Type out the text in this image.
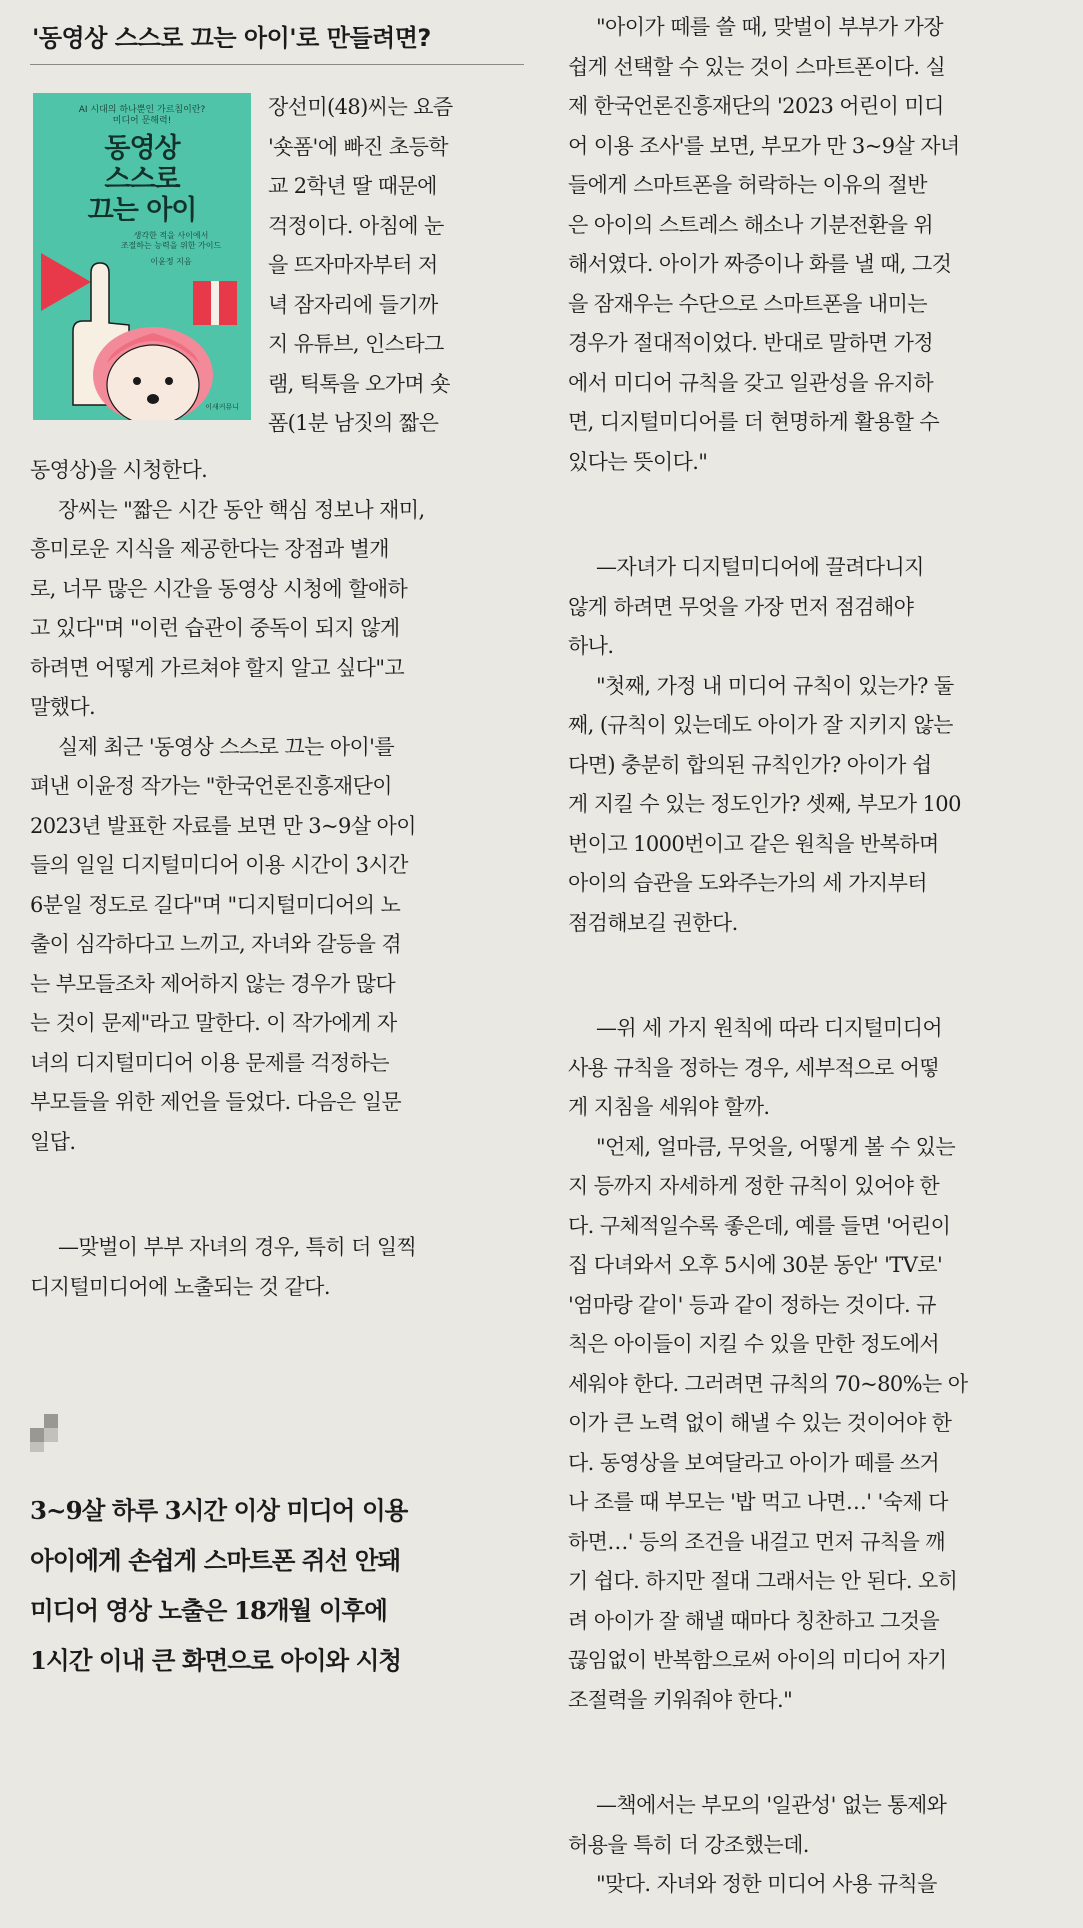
'동영상 스스로 끄는 아이'로 만들려면?
AI 시대의 하나뿐인 가르침이란?
미디어 문해력!
동영상
스스로
끄는 아이
생각한 적을 사이에서
조절하는 능력을 위한 가이드
이윤정 지음
이새커뮤니

장선미(48)씨는 요즘
'숏폼'에 빠진 초등학
교 2학년 딸 때문에
걱정이다. 아침에 눈
을 뜨자마자부터 저
녁 잠자리에 들기까
지 유튜브, 인스타그
램, 틱톡을 오가며 숏
폼(1분 남짓의 짧은

동영상)을 시청한다.

장씨는 "짧은 시간 동안 핵심 정보나 재미,
흥미로운 지식을 제공한다는 장점과 별개
로, 너무 많은 시간을 동영상 시청에 할애하
고 있다"며 "이런 습관이 중독이 되지 않게
하려면 어떻게 가르쳐야 할지 알고 싶다"고
말했다.

실제 최근 '동영상 스스로 끄는 아이'를
펴낸 이윤정 작가는 "한국언론진흥재단이
2023년 발표한 자료를 보면 만 3~9살 아이
들의 일일 디지털미디어 이용 시간이 3시간
6분일 정도로 길다"며 "디지털미디어의 노
출이 심각하다고 느끼고, 자녀와 갈등을 겪
는 부모들조차 제어하지 않는 경우가 많다
는 것이 문제"라고 말한다. 이 작가에게 자
녀의 디지털미디어 이용 문제를 걱정하는
부모들을 위한 제언을 들었다. 다음은 일문
일답.

—맞벌이 부부 자녀의 경우, 특히 더 일찍
디지털미디어에 노출되는 것 같다.

3~9살 하루 3시간 이상 미디어 이용
아이에게 손쉽게 스마트폰 쥐선 안돼
미디어 영상 노출은 18개월 이후에
1시간 이내 큰 화면으로 아이와 시청

"아이가 떼를 쓸 때, 맞벌이 부부가 가장
쉽게 선택할 수 있는 것이 스마트폰이다. 실
제 한국언론진흥재단의 '2023 어린이 미디
어 이용 조사'를 보면, 부모가 만 3~9살 자녀
들에게 스마트폰을 허락하는 이유의 절반
은 아이의 스트레스 해소나 기분전환을 위
해서였다. 아이가 짜증이나 화를 낼 때, 그것
을 잠재우는 수단으로 스마트폰을 내미는
경우가 절대적이었다. 반대로 말하면 가정
에서 미디어 규칙을 갖고 일관성을 유지하
면, 디지털미디어를 더 현명하게 활용할 수
있다는 뜻이다."

—자녀가 디지털미디어에 끌려다니지
않게 하려면 무엇을 가장 먼저 점검해야
하나.

"첫째, 가정 내 미디어 규칙이 있는가? 둘
째, (규칙이 있는데도 아이가 잘 지키지 않는
다면) 충분히 합의된 규칙인가? 아이가 쉽
게 지킬 수 있는 정도인가? 셋째, 부모가 100
번이고 1000번이고 같은 원칙을 반복하며
아이의 습관을 도와주는가의 세 가지부터
점검해보길 권한다.

—위 세 가지 원칙에 따라 디지털미디어
사용 규칙을 정하는 경우, 세부적으로 어떻
게 지침을 세워야 할까.

"언제, 얼마큼, 무엇을, 어떻게 볼 수 있는
지 등까지 자세하게 정한 규칙이 있어야 한
다. 구체적일수록 좋은데, 예를 들면 '어린이
집 다녀와서 오후 5시에 30분 동안' 'TV로'
'엄마랑 같이' 등과 같이 정하는 것이다. 규
칙은 아이들이 지킬 수 있을 만한 정도에서
세워야 한다. 그러려면 규칙의 70~80%는 아
이가 큰 노력 없이 해낼 수 있는 것이어야 한
다. 동영상을 보여달라고 아이가 떼를 쓰거
나 조를 때 부모는 '밥 먹고 나면…' '숙제 다
하면…' 등의 조건을 내걸고 먼저 규칙을 깨
기 쉽다. 하지만 절대 그래서는 안 된다. 오히
려 아이가 잘 해낼 때마다 칭찬하고 그것을
끊임없이 반복함으로써 아이의 미디어 자기
조절력을 키워줘야 한다."

—책에서는 부모의 '일관성' 없는 통제와
허용을 특히 더 강조했는데.

"맞다. 자녀와 정한 미디어 사용 규칙을
